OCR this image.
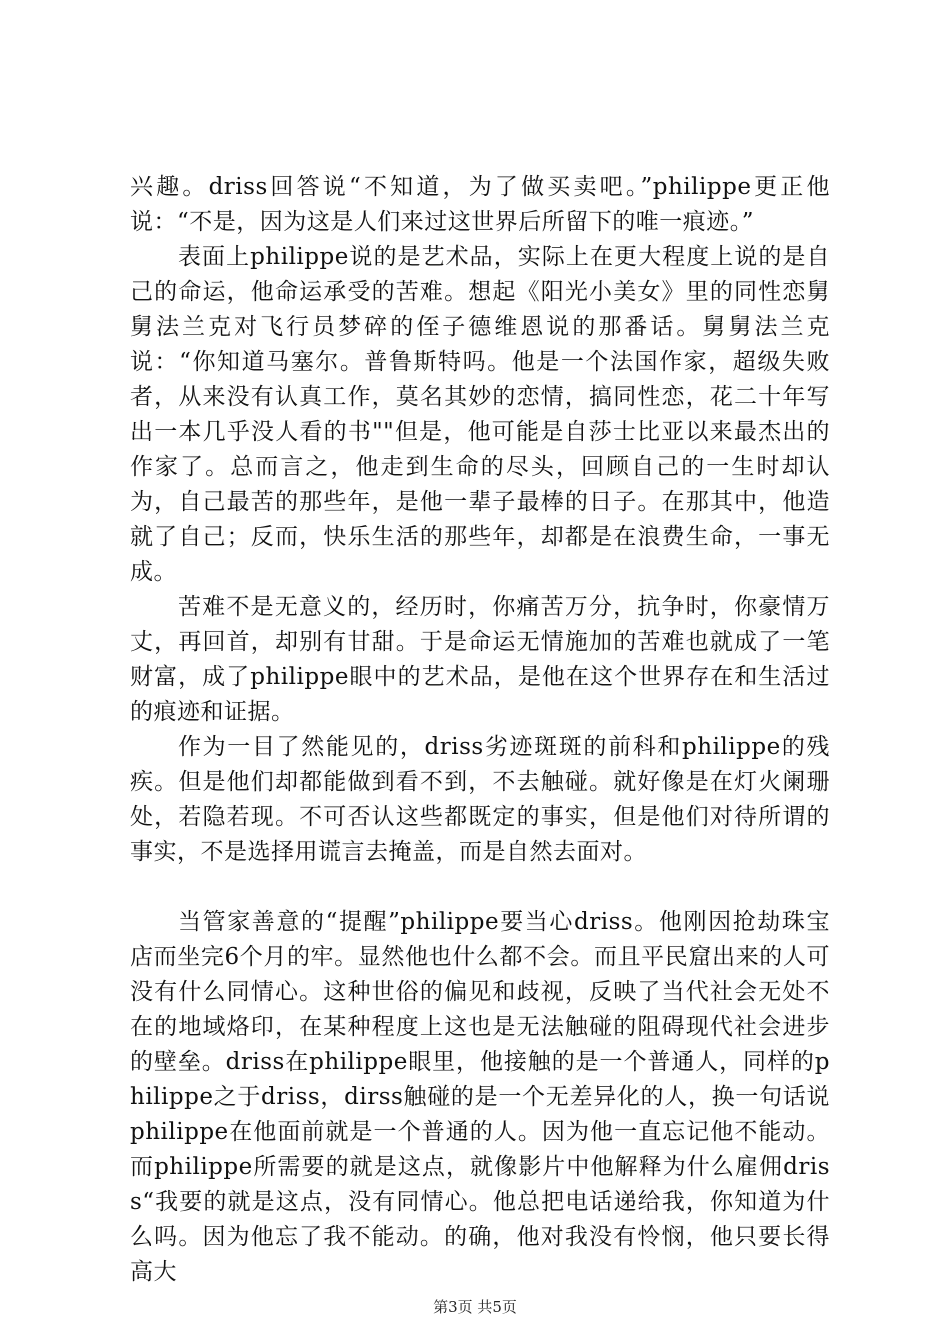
兴趣。driss回答说“不知道，为了做买卖吧。”philippe更正他说：“不是，因为这是人们来过这世界后所留下的唯一痕迹。”

表面上philippe说的是艺术品，实际上在更大程度上说的是自己的命运，他命运承受的苦难。想起《阳光小美女》里的同性恋舅舅法兰克对飞行员梦碎的侄子德维恩说的那番话。舅舅法兰克说：“你知道马塞尔。普鲁斯特吗。他是一个法国作家，超级失败者，从来没有认真工作，莫名其妙的恋情，搞同性恋，花二十年写出一本几乎没人看的书""但是，他可能是自莎士比亚以来最杰出的作家了。总而言之，他走到生命的尽头，回顾自己的一生时却认为，自己最苦的那些年，是他一辈子最棒的日子。在那其中，他造就了自己；反而，快乐生活的那些年，却都是在浪费生命，一事无成。

苦难不是无意义的，经历时，你痛苦万分，抗争时，你豪情万丈，再回首，却别有甘甜。于是命运无情施加的苦难也就成了一笔财富，成了philippe眼中的艺术品，是他在这个世界存在和生活过的痕迹和证据。

作为一目了然能见的，driss劣迹斑斑的前科和philippe的残疾。但是他们却都能做到看不到，不去触碰。就好像是在灯火阑珊处，若隐若现。不可否认这些都既定的事实，但是他们对待所谓的事实，不是选择用谎言去掩盖，而是自然去面对。

当管家善意的“提醒”philippe要当心driss。他刚因抢劫珠宝店而坐完6个月的牢。显然他也什么都不会。而且平民窟出来的人可没有什么同情心。这种世俗的偏见和歧视，反映了当代社会无处不在的地域烙印，在某种程度上这也是无法触碰的阻碍现代社会进步的壁垒。driss在philippe眼里，他接触的是一个普通人，同样的philippe之于driss，dirss触碰的是一个无差异化的人，换一句话说philippe在他面前就是一个普通的人。因为他一直忘记他不能动。而philippe所需要的就是这点，就像影片中他解释为什么雇佣driss“我要的就是这点，没有同情心。他总把电话递给我，你知道为什么吗。因为他忘了我不能动。的确，他对我没有怜悯，他只要长得高大

第3页 共5页
